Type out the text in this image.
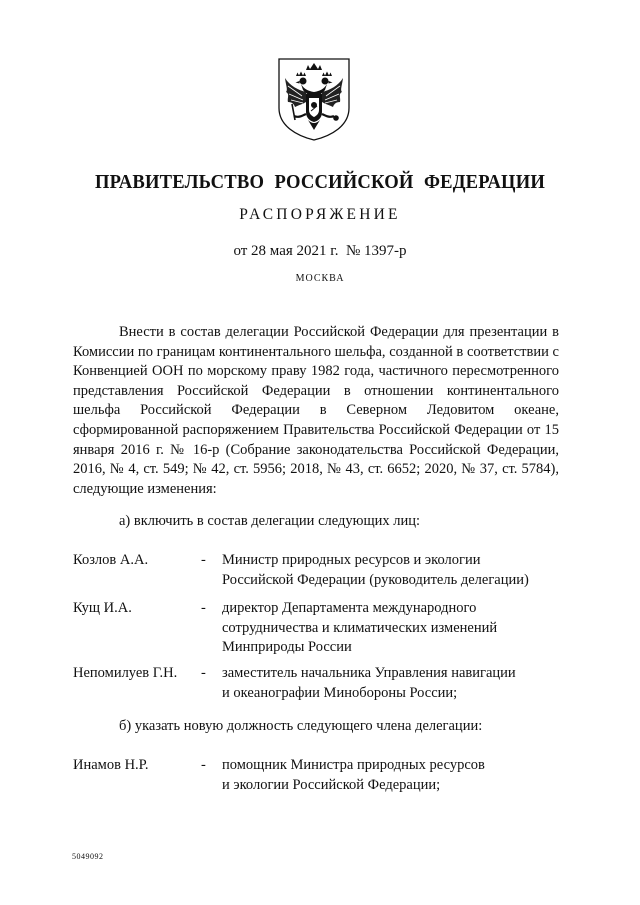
ПРАВИТЕЛЬСТВО РОССИЙСКОЙ ФЕДЕРАЦИИ
РАСПОРЯЖЕНИЕ
от 28 мая 2021 г.  № 1397-р
МОСКВА

Внести в состав делегации Российской Федерации для презентации в Комиссии по границам континентального шельфа, созданной в соответствии с Конвенцией ООН по морскому праву 1982 года, частичного пересмотренного представления Российской Федерации в отношении континентального шельфа Российской Федерации в Северном Ледовитом океане, сформированной распоряжением Правительства Российской Федерации от 15 января 2016 г. № 16-р (Собрание законодательства Российской Федерации, 2016, № 4, ст. 549; № 42, ст. 5956; 2018, № 43, ст. 6652; 2020, № 37, ст. 5784), следующие изменения:

а) включить в состав делегации следующих лиц:
Козлов А.А.	- Министр природных ресурсов и экологии
Российской Федерации (руководитель делегации)
Кущ И.А.	- директор Департамента международного
сотрудничества и климатических изменений
Минприроды России
Непомилуев Г.Н. - заместитель начальника Управления навигации
и океанографии Минобороны России;
б) указать новую должность следующего члена делегации:
Инамов Н.Р.	- помощник Министра природных ресурсов
и экологии Российской Федерации;
5049092
